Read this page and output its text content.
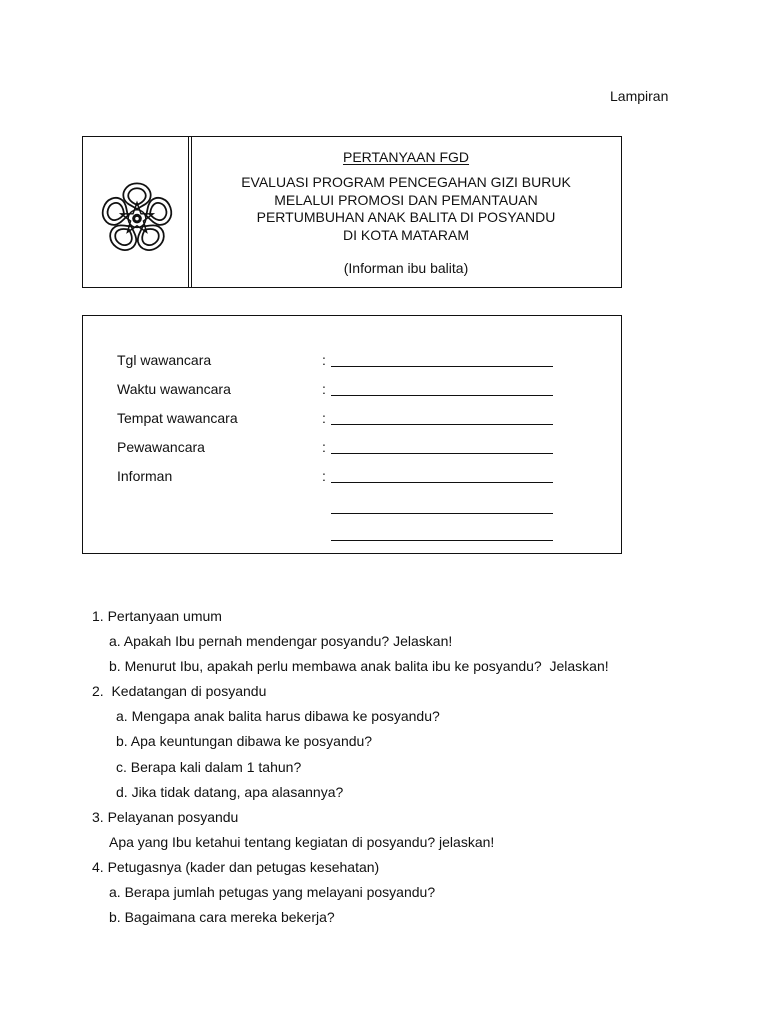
Lampiran
PERTANYAAN FGD
EVALUASI PROGRAM PENCEGAHAN GIZI BURUK
MELALUI PROMOSI DAN PEMANTAUAN
PERTUMBUHAN ANAK BALITA DI POSYANDU
DI KOTA MATARAM
(Informan ibu balita)
Tgl wawancara	:
Waktu wawancara	:
Tempat wawancara	:
Pewawancara	:
Informan	:
1. Pertanyaan umum
a. Apakah Ibu pernah mendengar posyandu? Jelaskan!
b. Menurut Ibu, apakah perlu membawa anak balita ibu ke posyandu?  Jelaskan!
2.  Kedatangan di posyandu
a. Mengapa anak balita harus dibawa ke posyandu?
b. Apa keuntungan dibawa ke posyandu?
c. Berapa kali dalam 1 tahun?
d. Jika tidak datang, apa alasannya?
3. Pelayanan posyandu
Apa yang Ibu ketahui tentang kegiatan di posyandu? jelaskan!
4. Petugasnya (kader dan petugas kesehatan)
a. Berapa jumlah petugas yang melayani posyandu?
b. Bagaimana cara mereka bekerja?
